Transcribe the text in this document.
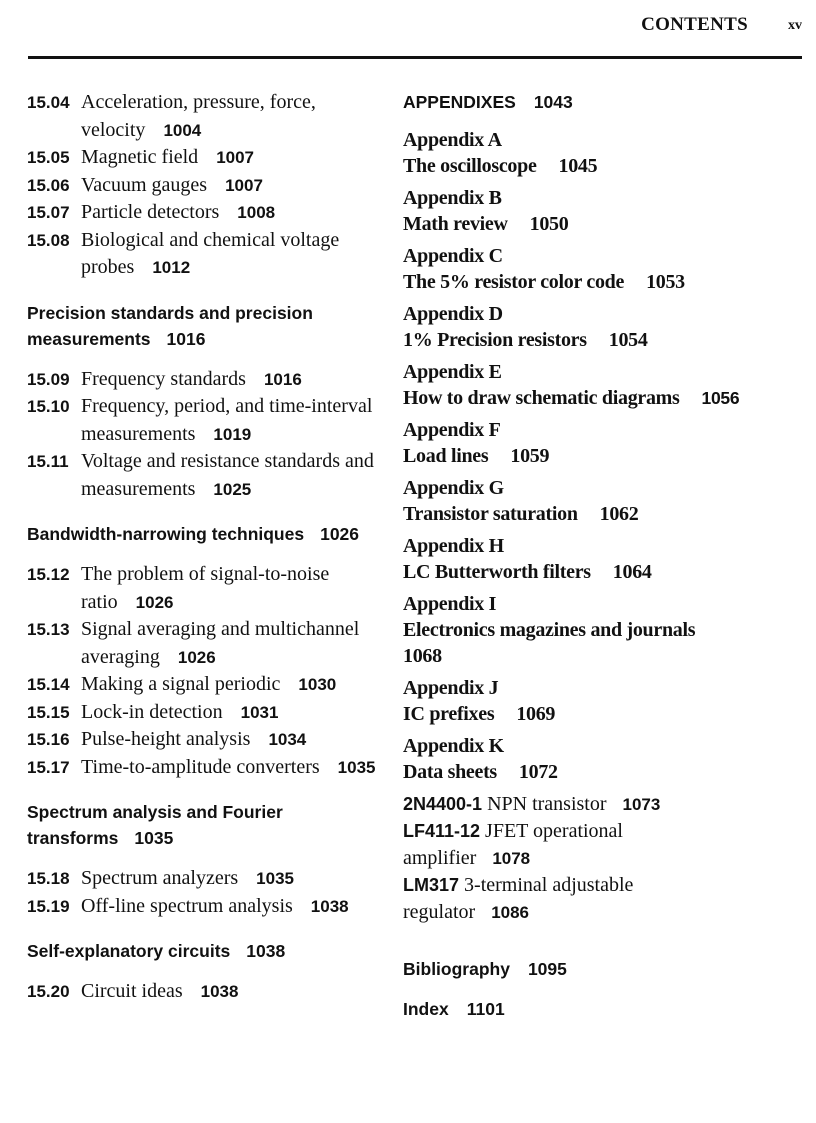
CONTENTS	xv
15.04 Acceleration, pressure, force, velocity 1004
15.05 Magnetic field 1007
15.06 Vacuum gauges 1007
15.07 Particle detectors 1008
15.08 Biological and chemical voltage probes 1012
Precision standards and precision measurements 1016
15.09 Frequency standards 1016
15.10 Frequency, period, and time-interval measurements 1019
15.11 Voltage and resistance standards and measurements 1025
Bandwidth-narrowing techniques 1026
15.12 The problem of signal-to-noise ratio 1026
15.13 Signal averaging and multichannel averaging 1026
15.14 Making a signal periodic 1030
15.15 Lock-in detection 1031
15.16 Pulse-height analysis 1034
15.17 Time-to-amplitude converters 1035
Spectrum analysis and Fourier transforms 1035
15.18 Spectrum analyzers 1035
15.19 Off-line spectrum analysis 1038
Self-explanatory circuits 1038
15.20 Circuit ideas 1038
APPENDIXES 1043
Appendix A
The oscilloscope 1045
Appendix B
Math review 1050
Appendix C
The 5% resistor color code 1053
Appendix D
1% Precision resistors 1054
Appendix E
How to draw schematic diagrams 1056
Appendix F
Load lines 1059
Appendix G
Transistor saturation 1062
Appendix H
LC Butterworth filters 1064
Appendix I
Electronics magazines and journals
1068
Appendix J
IC prefixes 1069
Appendix K
Data sheets 1072
2N4400-1 NPN transistor 1073
LF411-12 JFET operational amplifier 1078
LM317 3-terminal adjustable regulator 1086
Bibliography 1095
Index 1101
